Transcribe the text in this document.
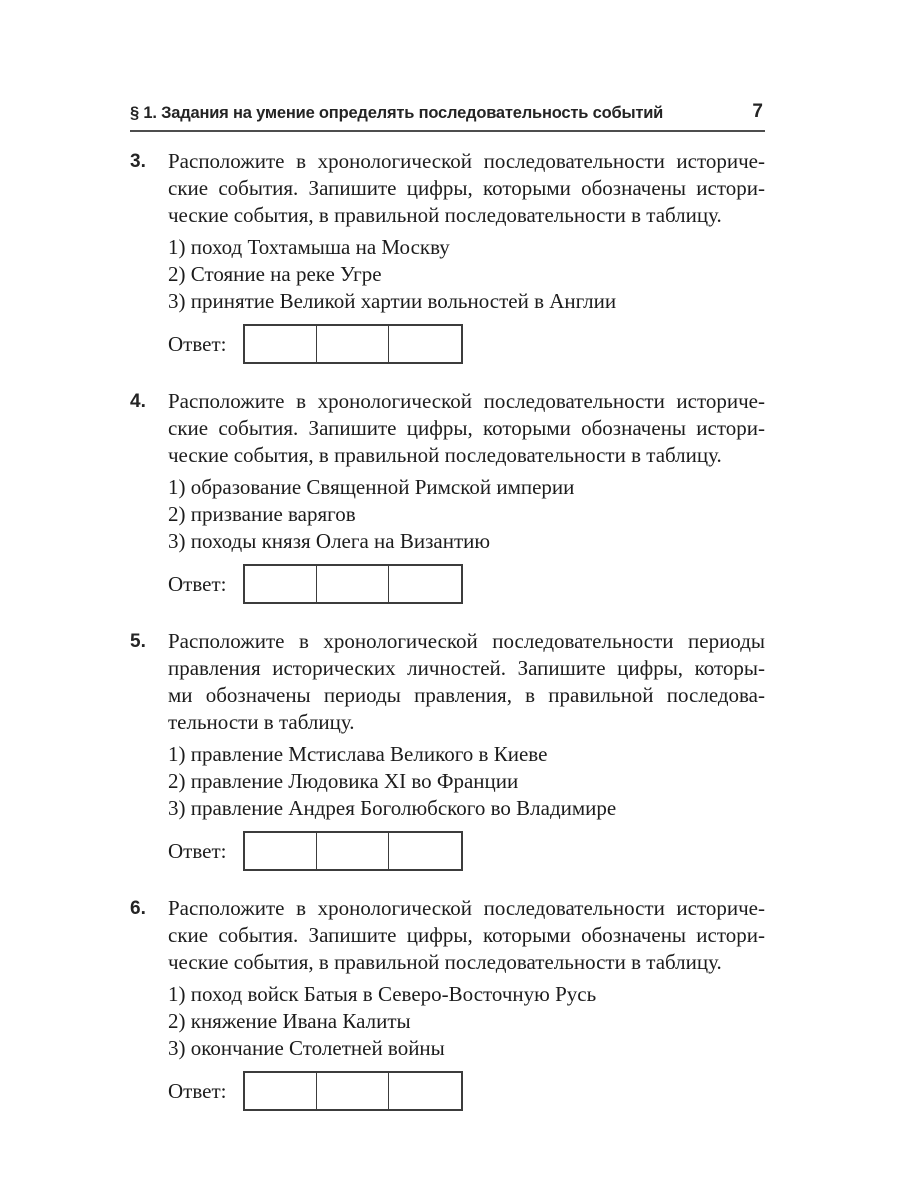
§ 1. Задания на умение определять последовательность событий	7
3.	Расположите в хронологической последовательности историче-
ские события. Запишите цифры, которыми обозначены истори-
ческие события, в правильной последовательности в таблицу.

1) поход Тохтамыша на Москву
2) Стояние на реке Угре
3) принятие Великой хартии вольностей в Англии
Ответ:
4.	Расположите в хронологической последовательности историче-
ские события. Запишите цифры, которыми обозначены истори-
ческие события, в правильной последовательности в таблицу.

1) образование Священной Римской империи
2) призвание варягов
3) походы князя Олега на Византию
Ответ:
5.	Расположите в хронологической последовательности периоды
правления исторических личностей. Запишите цифры, которы-
ми обозначены периоды правления, в правильной последова-
тельности в таблицу.

1) правление Мстислава Великого в Киеве
2) правление Людовика XI во Франции
3) правление Андрея Боголюбского во Владимире
Ответ:
6.	Расположите в хронологической последовательности историче-
ские события. Запишите цифры, которыми обозначены истори-
ческие события, в правильной последовательности в таблицу.

1) поход войск Батыя в Северо-Восточную Русь
2) княжение Ивана Калиты
3) окончание Столетней войны
Ответ:
